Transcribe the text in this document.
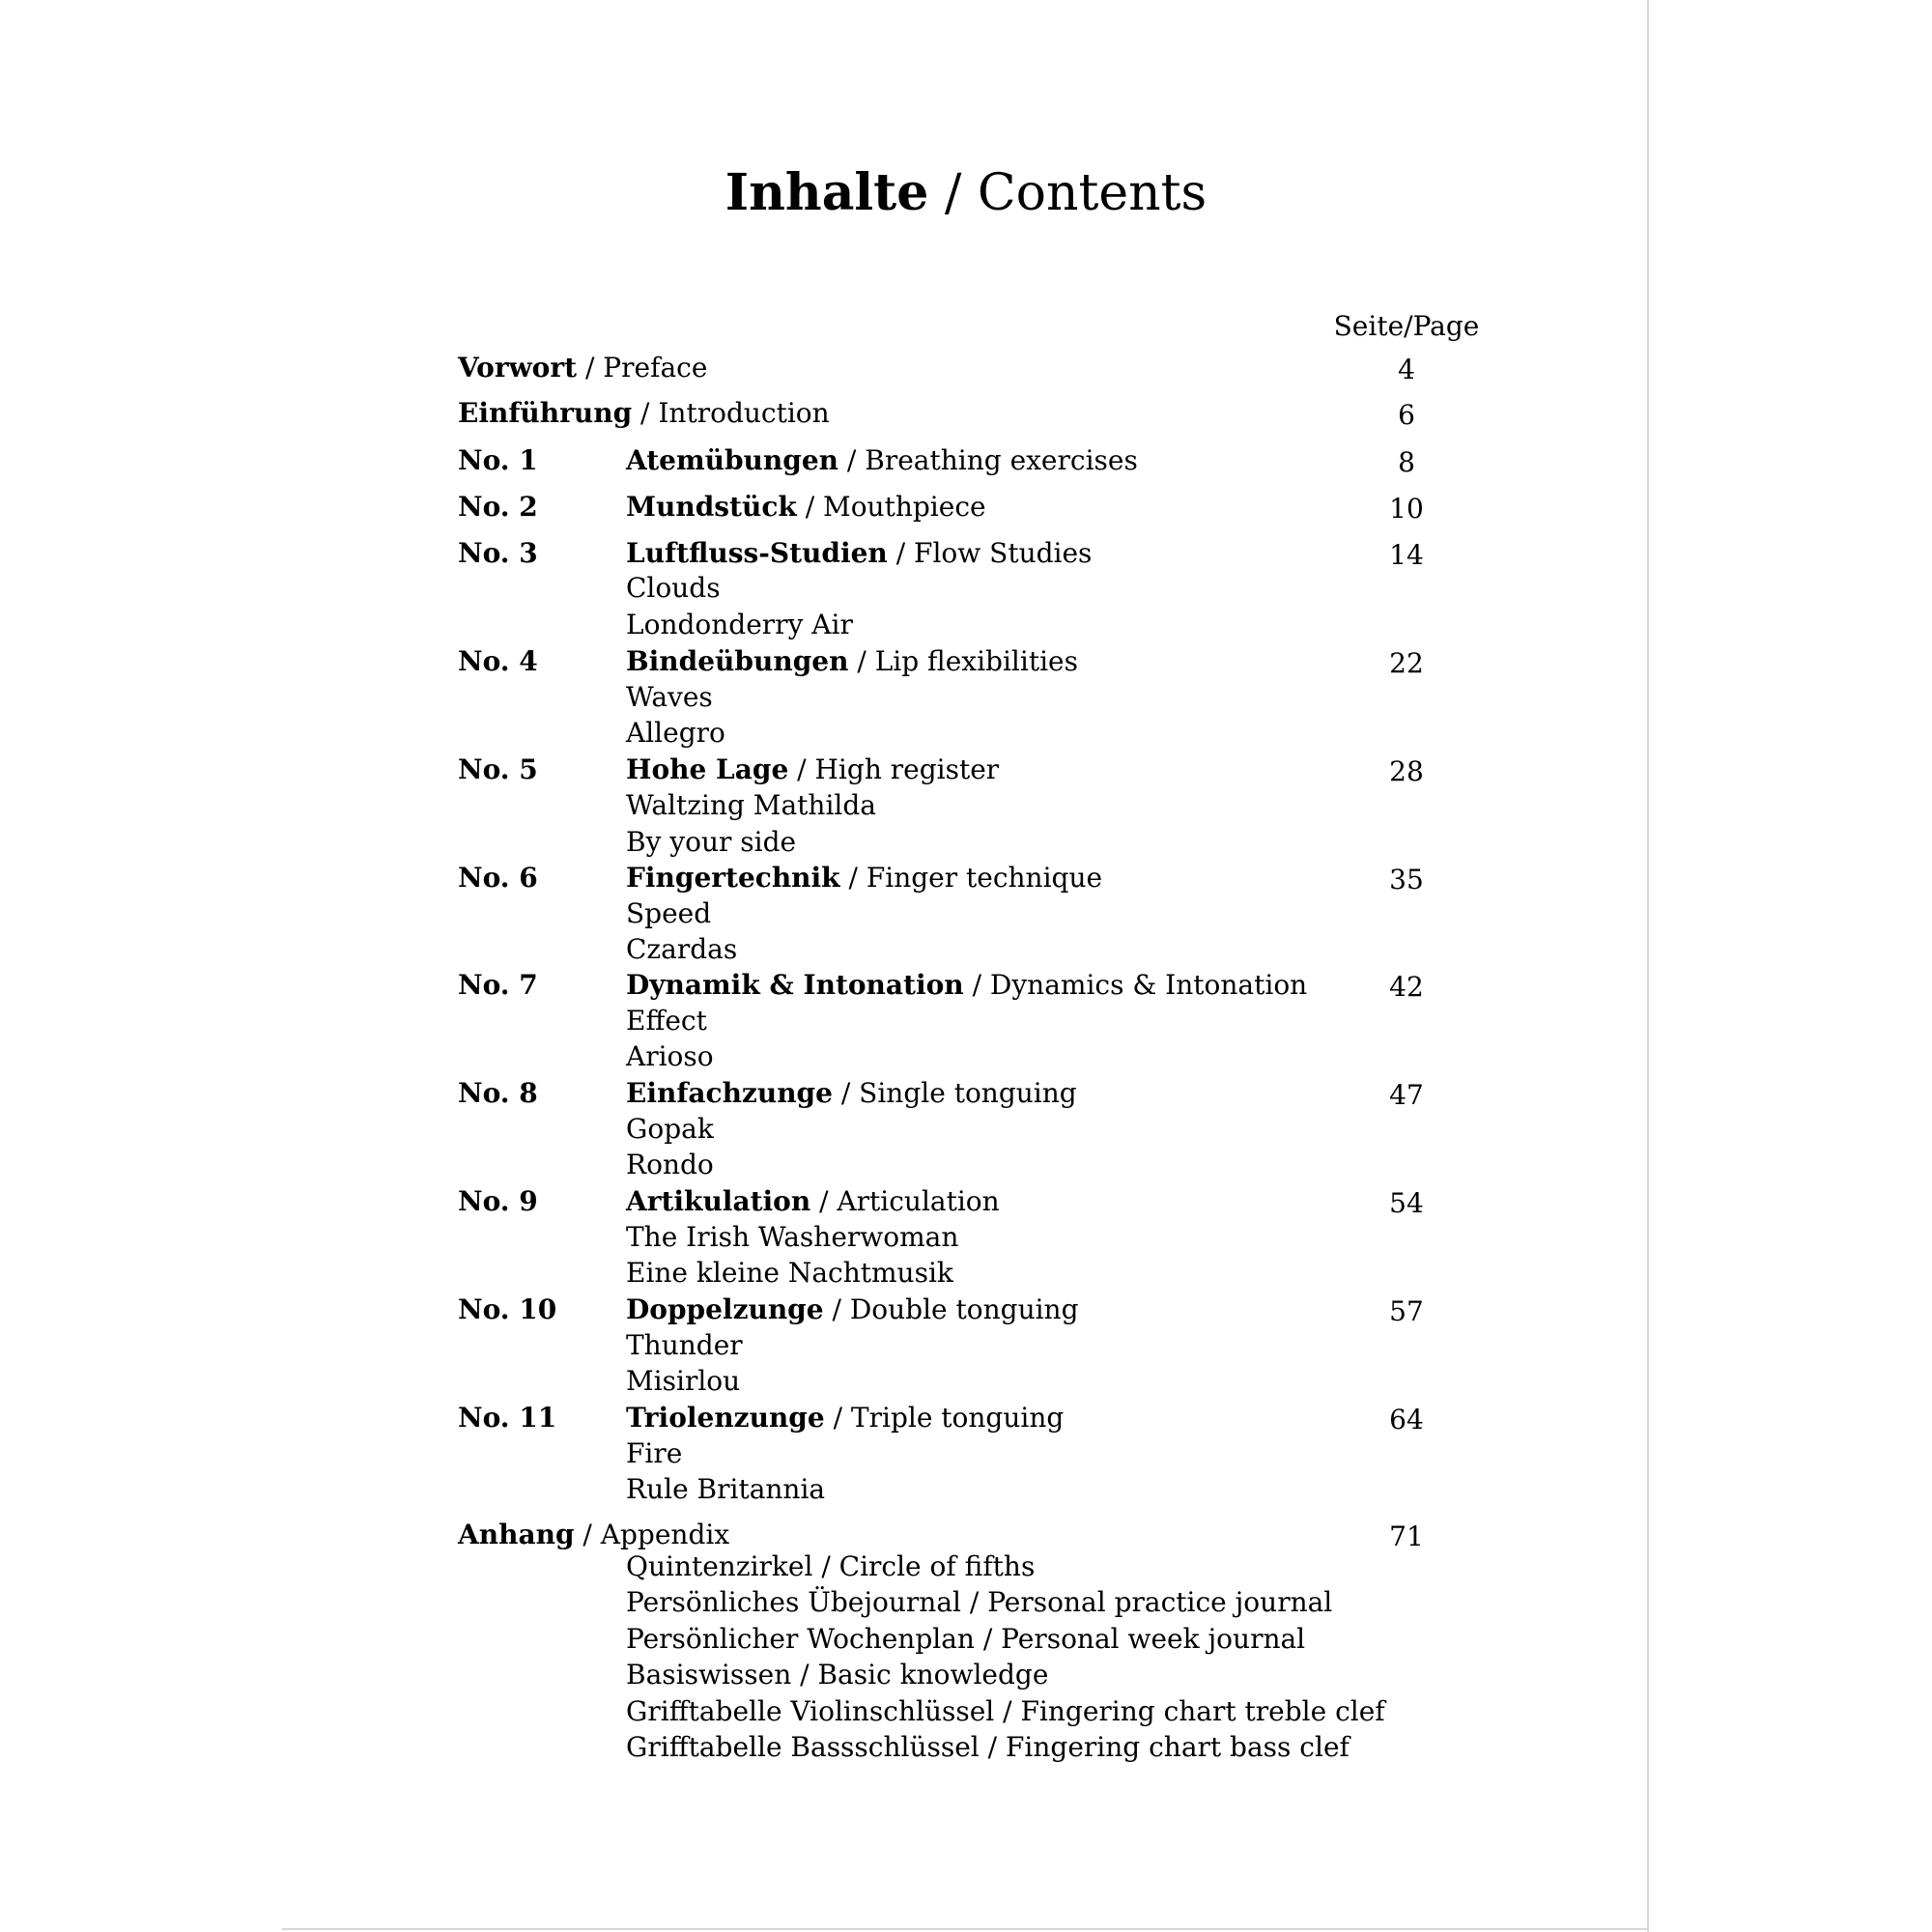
Inhalte / Contents
Seite/Page
Vorwort / Preface	4
Einführung / Introduction	6
No. 1	Atemübungen / Breathing exercises	8
No. 2	Mundstück / Mouthpiece	10
No. 3	Luftfluss-Studien / Flow Studies	14
Clouds
Londonderry Air
No. 4	Bindeübungen / Lip flexibilities	22
Waves
Allegro
No. 5	Hohe Lage / High register	28
Waltzing Mathilda
By your side
No. 6	Fingertechnik / Finger technique	35
Speed
Czardas
No. 7	Dynamik & Intonation / Dynamics & Intonation	42
Effect
Arioso
No. 8	Einfachzunge / Single tonguing	47
Gopak
Rondo
No. 9	Artikulation / Articulation	54
The Irish Washerwoman
Eine kleine Nachtmusik
No. 10	Doppelzunge / Double tonguing	57
Thunder
Misirlou
No. 11	Triolenzunge / Triple tonguing	64
Fire
Rule Britannia
Anhang / Appendix	71
Quintenzirkel / Circle of fifths
Persönliches Übejournal / Personal practice journal
Persönlicher Wochenplan / Personal week journal
Basiswissen / Basic knowledge
Grifftabelle Violinschlüssel / Fingering chart treble clef
Grifftabelle Bassschlüssel / Fingering chart bass clef
